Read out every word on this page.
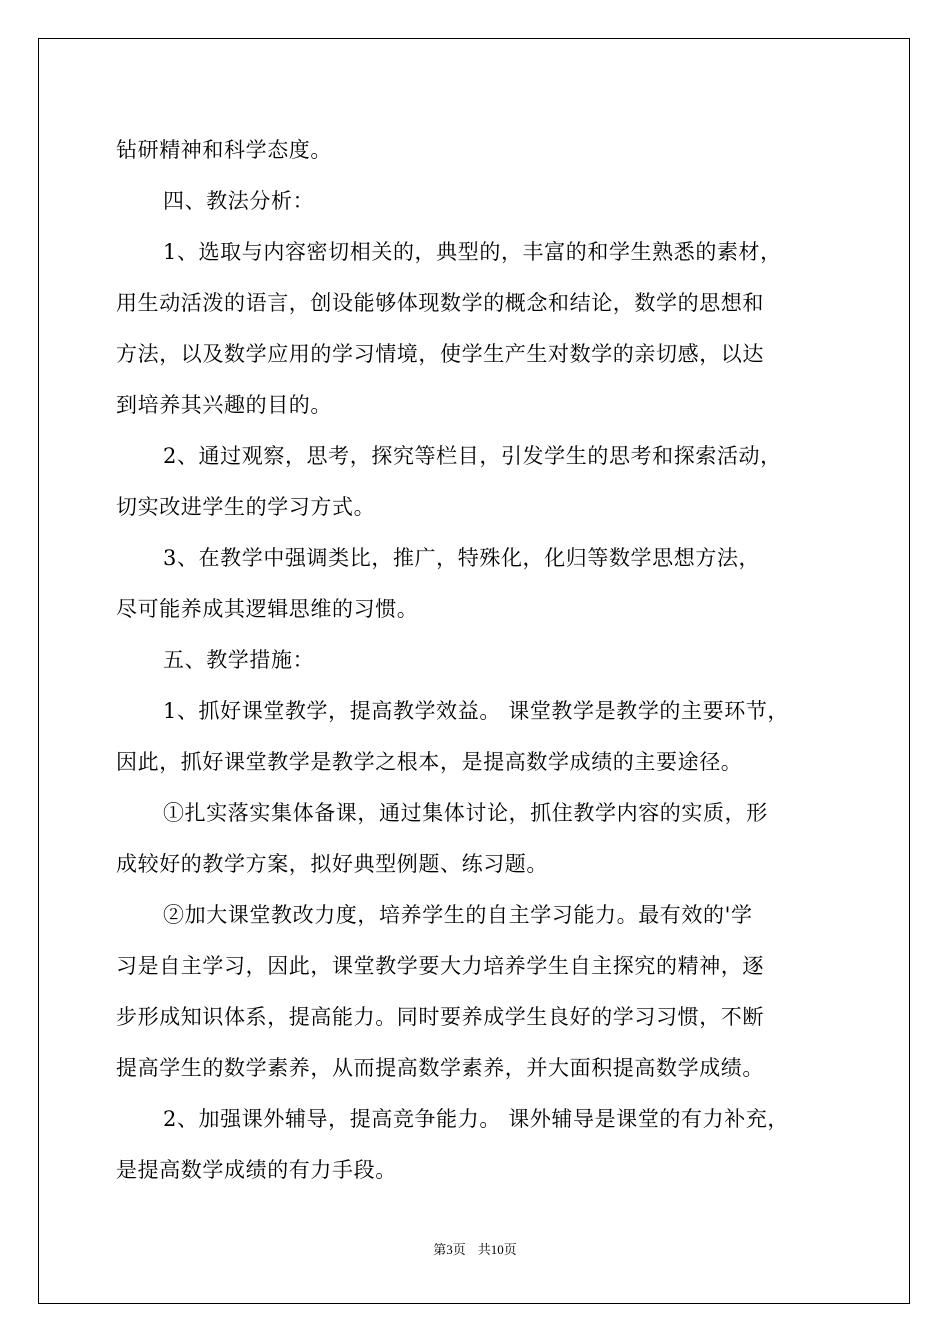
钻研精神和科学态度。
四、教法分析：
1、选取与内容密切相关的，典型的，丰富的和学生熟悉的素材，
用生动活泼的语言，创设能够体现数学的概念和结论，数学的思想和
方法，以及数学应用的学习情境，使学生产生对数学的亲切感，以达
到培养其兴趣的目的。
2、通过观察，思考，探究等栏目，引发学生的思考和探索活动，
切实改进学生的学习方式。
3、在教学中强调类比，推广，特殊化，化归等数学思想方法，
尽可能养成其逻辑思维的习惯。
五、教学措施：
1、抓好课堂教学，提高教学效益。 课堂教学是教学的主要环节，
因此，抓好课堂教学是教学之根本，是提高数学成绩的主要途径。
①扎实落实集体备课，通过集体讨论，抓住教学内容的实质，形
成较好的教学方案，拟好典型例题、练习题。
②加大课堂教改力度，培养学生的自主学习能力。最有效的'学
习是自主学习，因此，课堂教学要大力培养学生自主探究的精神，逐
步形成知识体系，提高能力。同时要养成学生良好的学习习惯，不断
提高学生的数学素养，从而提高数学素养，并大面积提高数学成绩。
2、加强课外辅导，提高竞争能力。 课外辅导是课堂的有力补充，
是提高数学成绩的有力手段。
第3页 共10页
